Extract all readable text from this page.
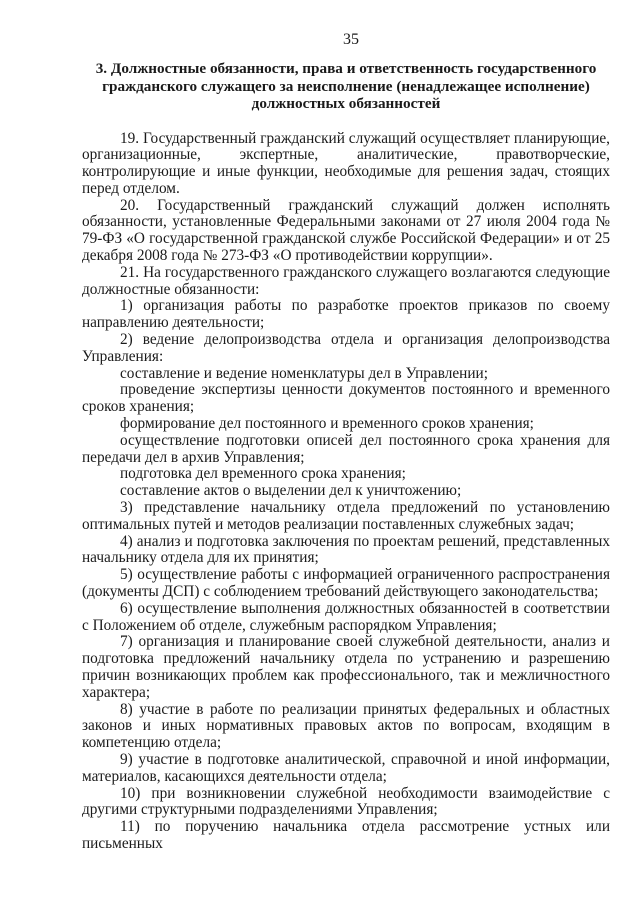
35
3. Должностные обязанности, права и ответственность государственного
гражданского служащего за неисполнение (ненадлежащее исполнение)
должностных обязанностей

19. Государственный гражданский служащий осуществляет планирующие, организационные, экспертные, аналитические, правотворческие, контролирующие и иные функции, необходимые для решения задач, стоящих перед отделом.

20. Государственный гражданский служащий должен исполнять обязанности, установленные Федеральными законами от 27 июля 2004 года № 79-ФЗ «О государственной гражданской службе Российской Федерации» и от 25 декабря 2008 года № 273-ФЗ «О противодействии коррупции».

21. На государственного гражданского служащего возлагаются следующие должностные обязанности:

1) организация работы по разработке проектов приказов по своему направлению деятельности;

2) ведение делопроизводства отдела и организация делопроизводства Управления:

составление и ведение номенклатуры дел в Управлении;

проведение экспертизы ценности документов постоянного и временного сроков хранения;

формирование дел постоянного и временного сроков хранения;

осуществление подготовки описей дел постоянного срока хранения для передачи дел в архив Управления;

подготовка дел временного срока хранения;

составление актов о выделении дел к уничтожению;

3) представление начальнику отдела предложений по установлению оптимальных путей и методов реализации поставленных служебных задач;

4) анализ и подготовка заключения по проектам решений, представленных начальнику отдела для их принятия;

5) осуществление работы с информацией ограниченного распространения (документы ДСП) с соблюдением требований действующего законодательства;

6) осуществление выполнения должностных обязанностей в соответствии с Положением об отделе, служебным распорядком Управления;

7) организация и планирование своей служебной деятельности, анализ и подготовка предложений начальнику отдела по устранению и разрешению причин возникающих проблем как профессионального, так и межличностного характера;

8) участие в работе по реализации принятых федеральных и областных законов и иных нормативных правовых актов по вопросам, входящим в компетенцию отдела;

9) участие в подготовке аналитической, справочной и иной информации, материалов, касающихся деятельности отдела;

10) при возникновении служебной необходимости взаимодействие с другими структурными подразделениями Управления;

11) по поручению начальника отдела рассмотрение устных или письменных
